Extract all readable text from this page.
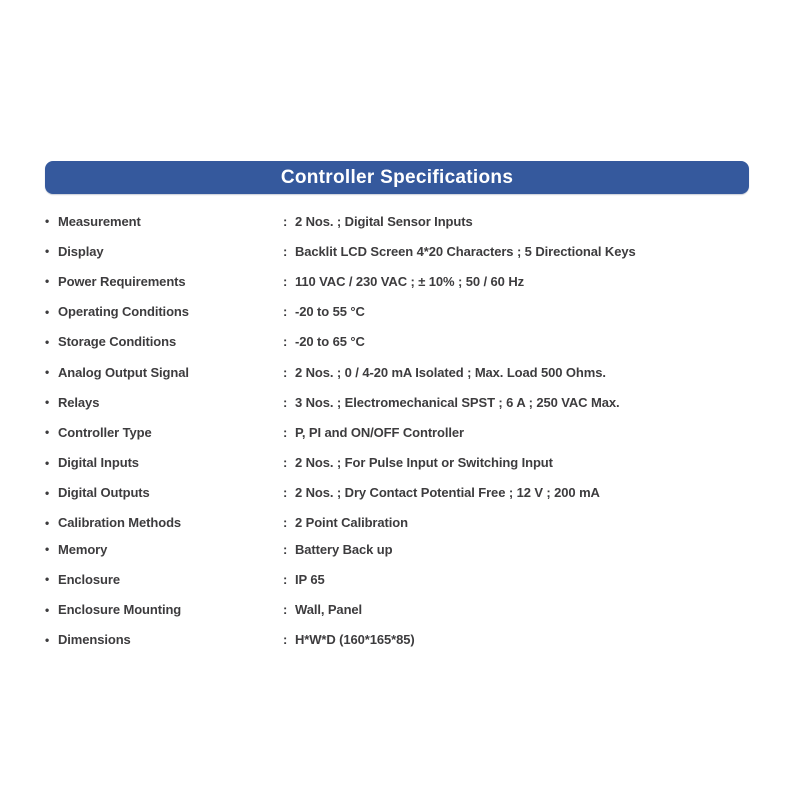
Controller Specifications
• Measurement	: 2 Nos. ; Digital Sensor Inputs
• Display	: Backlit LCD Screen 4*20 Characters ; 5 Directional Keys
• Power Requirements	: 110 VAC / 230 VAC ; ± 10% ; 50 / 60 Hz
• Operating Conditions	: -20 to 55 °C
• Storage Conditions	: -20 to 65 °C
• Analog Output Signal	: 2 Nos. ; 0 / 4-20 mA Isolated ; Max. Load 500 Ohms.
• Relays	: 3 Nos. ; Electromechanical SPST ; 6 A ; 250 VAC Max.
• Controller Type	: P, PI and ON/OFF Controller
• Digital Inputs	: 2 Nos. ; For Pulse Input or Switching Input
• Digital Outputs	: 2 Nos. ; Dry Contact Potential Free ; 12 V ; 200 mA
• Calibration Methods	: 2 Point Calibration
• Memory	: Battery Back up
• Enclosure	: IP 65
• Enclosure Mounting	: Wall, Panel
• Dimensions	: H*W*D (160*165*85)
